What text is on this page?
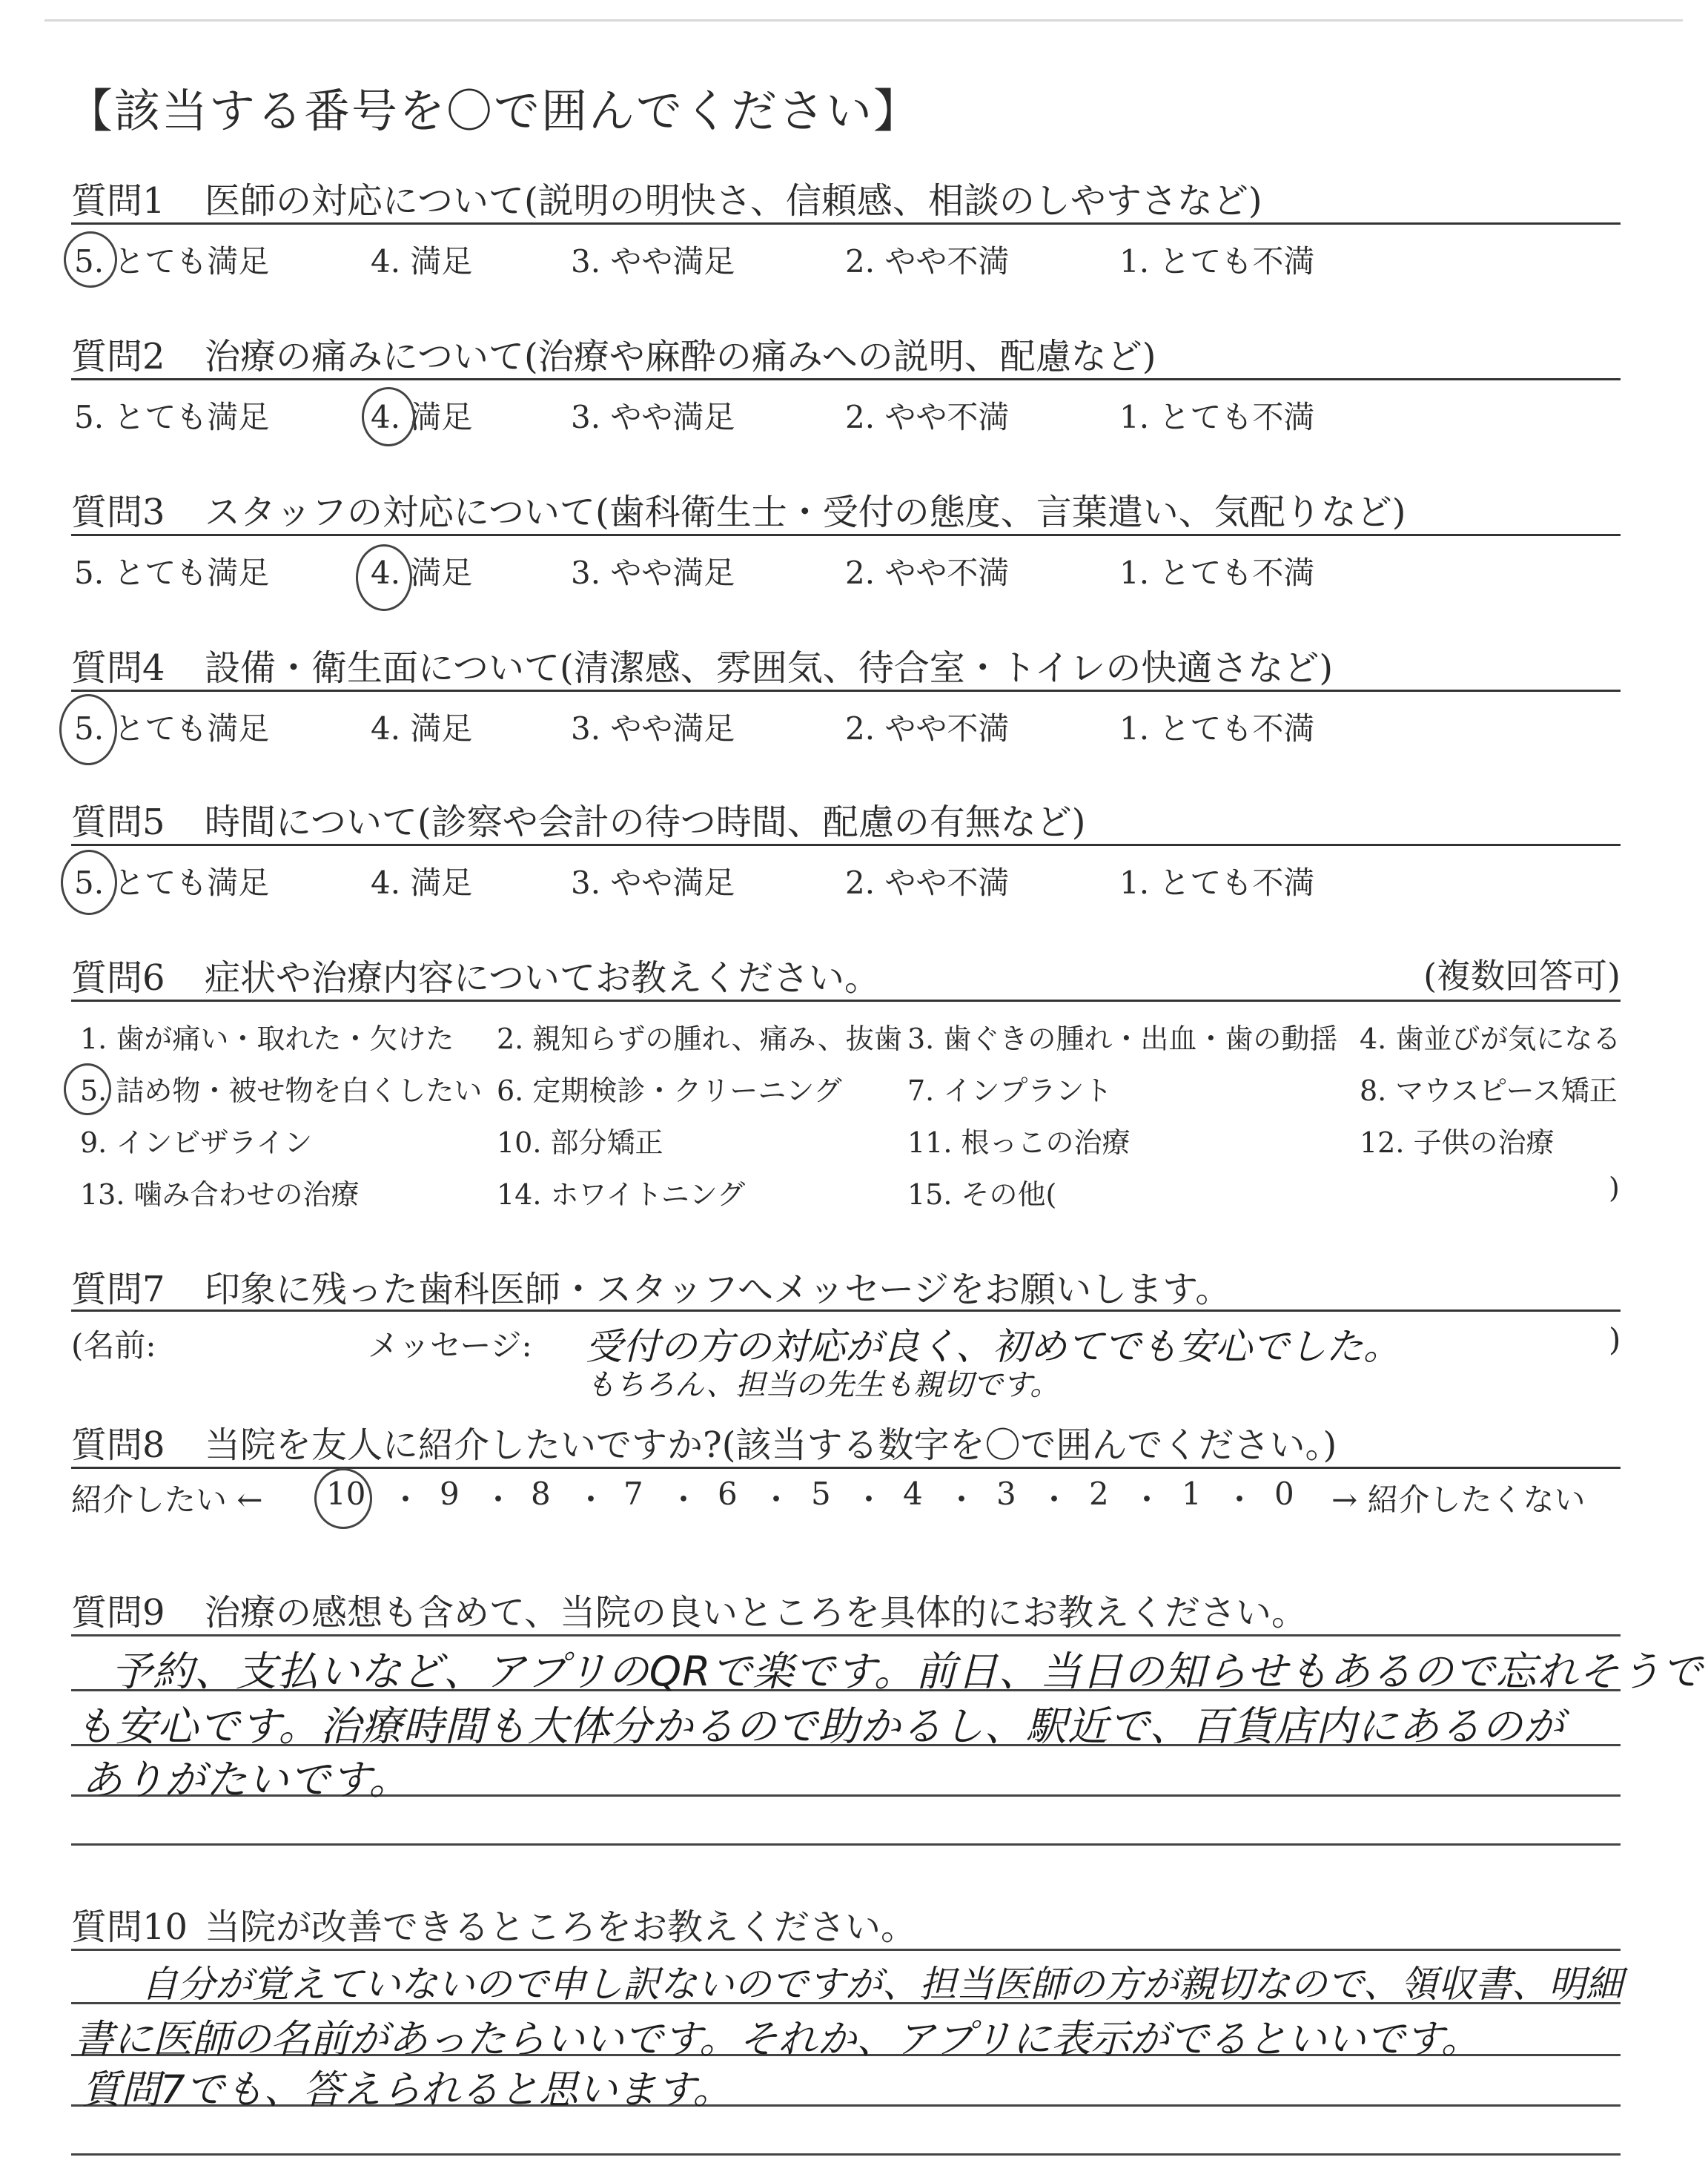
【該当する番号を〇で囲んでください】
質問1 医師の対応について(説明の明快さ、信頼感、相談のしやすさなど)
5. とても満足	4. 満足	3. やや満足	2. やや不満	1. とても不満
質問2 治療の痛みについて(治療や麻酔の痛みへの説明、配慮など)
5. とても満足	4. 満足	3. やや満足	2. やや不満	1. とても不満
質問3 スタッフの対応について(歯科衛生士・受付の態度、言葉遣い、気配りなど)
5. とても満足	4. 満足	3. やや満足	2. やや不満	1. とても不満
質問4 設備・衛生面について(清潔感、雰囲気、待合室・トイレの快適さなど)
5. とても満足	4. 満足	3. やや満足	2. やや不満	1. とても不満
質問5 時間について(診察や会計の待つ時間、配慮の有無など)
5. とても満足	4. 満足	3. やや満足	2. やや不満	1. とても不満
質問6 症状や治療内容についてお教えください。	(複数回答可)
1. 歯が痛い・取れた・欠けた 2. 親知らずの腫れ、痛み、抜歯 3. 歯ぐきの腫れ・出血・歯の動揺 4. 歯並びが気になる
5. 詰め物・被せ物を白くしたい 6. 定期検診・クリーニング 7. インプラント	8. マウスピース矯正
9. インビザライン	10. 部分矯正	11. 根っこの治療	12. 子供の治療
13. 噛み合わせの治療	14. ホワイトニング	15. その他(	)
質問7 印象に残った歯科医師・スタッフへメッセージをお願いします。
(名前:	メッセージ:	)
受付の方の対応が良く、初めてでも安心でした。
もちろん、担当の先生も親切です。
質問8 当院を友人に紹介したいですか?(該当する数字を〇で囲んでください。)
紹介したい ← 10 ・ 9 ・ 8 ・ 7 ・ 6 ・ 5 ・ 4 ・ 3 ・ 2 ・ 1 ・ 0 → 紹介したくない
質問9 治療の感想も含めて、当院の良いところを具体的にお教えください。
予約、支払いなど、アプリのQRで楽です。前日、当日の知らせもあるので忘れそうで
も安心です。治療時間も大体分かるので助かるし、駅近で、百貨店内にあるのが
ありがたいです。
質問10 当院が改善できるところをお教えください。
自分が覚えていないので申し訳ないのですが、担当医師の方が親切なので、領収書、明細
書に医師の名前があったらいいです。それか、アプリに表示がでるといいです。
質問7でも、答えられると思います。
